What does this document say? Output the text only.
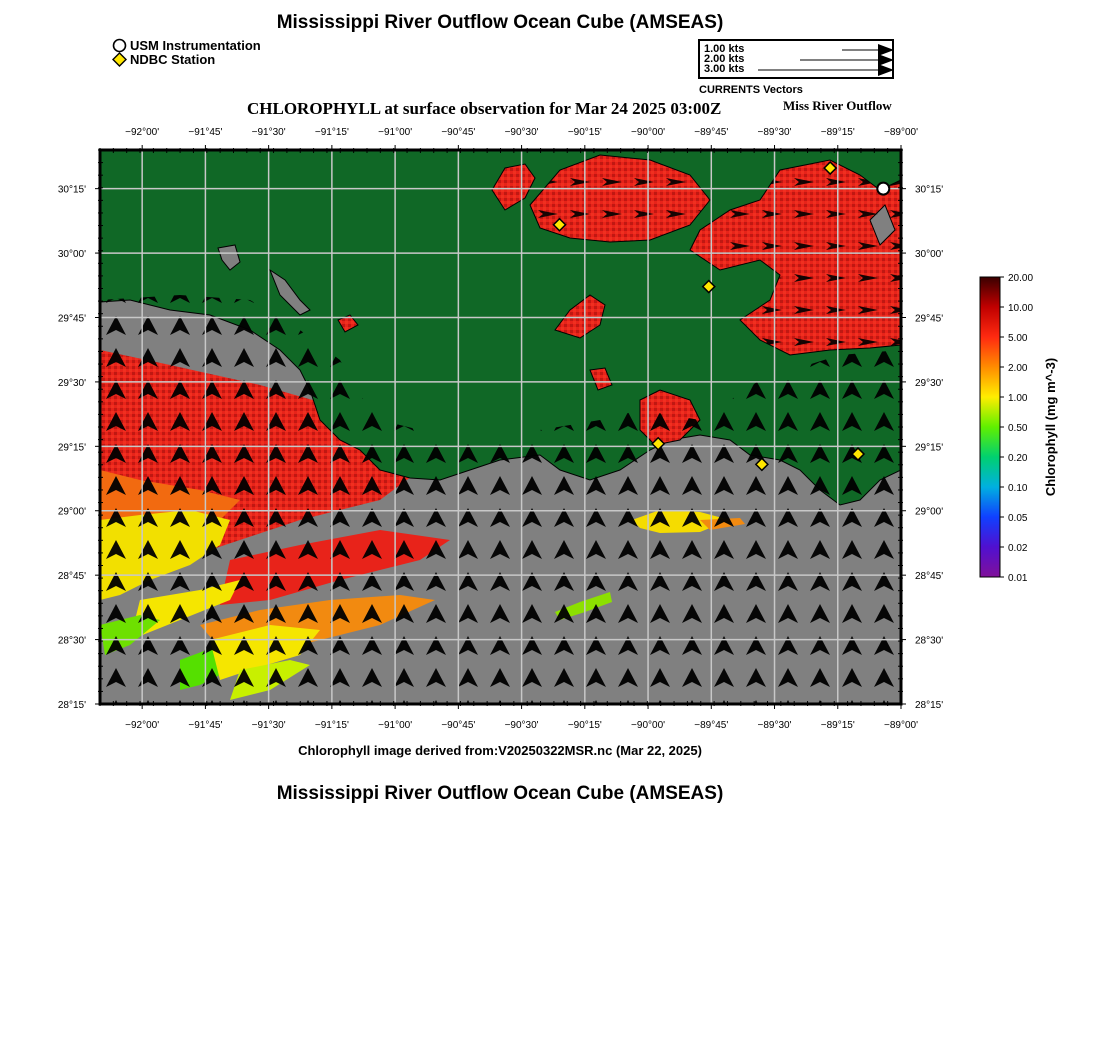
Mississippi River Outflow Ocean Cube (AMSEAS)
CHLOROPHYLL at surface observation for Mar 24 2025 03:00Z	Miss River Outflow
USM Instrumentation
NDBC Station
1.00 kts
2.00 kts
3.00 kts
CURRENTS Vectors
−92°00'	−91°45'	−91°30'	−91°15'	−91°00'	−90°45'	−90°30'	−90°15'	−90°00'	−89°45'	−89°30'	−89°15'	−89°00'
−92°00'	−91°45'	−91°30'	−91°15'	−91°00'	−90°45'	−90°30'	−90°15'	−90°00'	−89°45'	−89°30'	−89°15'	−89°00'
30°15'
30°00'
29°45'
29°30'
29°15'
29°00'
28°45'
28°30'
28°15'
30°15'
30°00'
29°45'
29°30'
29°15'
29°00'
28°45'
28°30'
28°15'
20.00
10.00
5.00
2.00
1.00
0.50
0.20
0.10
0.05
0.02
0.01
Chlorophyll (mg m^-3)
Chlorophyll image derived from:V20250322MSR.nc (Mar 22, 2025)
Mississippi River Outflow Ocean Cube (AMSEAS)
